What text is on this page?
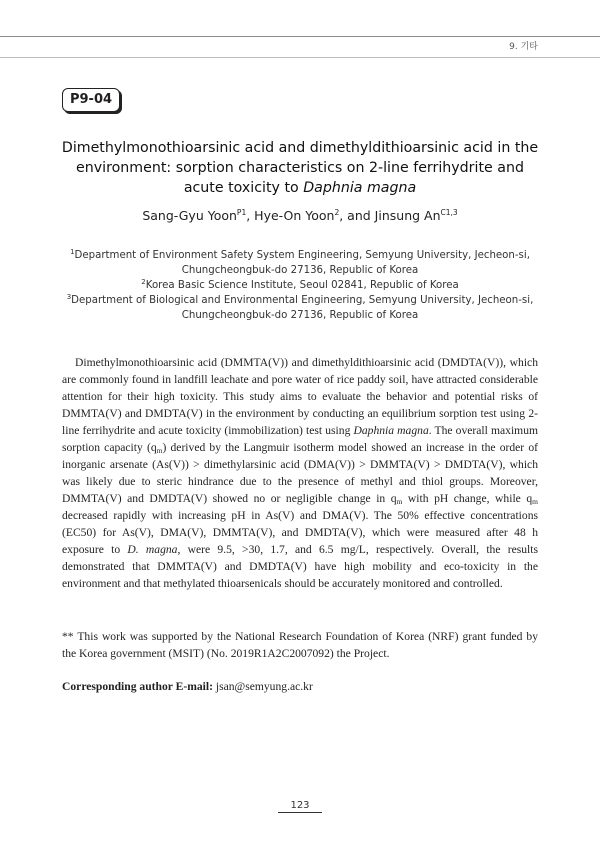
9. 기타
P9-04
Dimethylmonothioarsinic acid and dimethyldithioarsinic acid in the environment: sorption characteristics on 2-line ferrihydrite and acute toxicity to Daphnia magna
Sang-Gyu Yoon$^{P1}$, Hye-On Yoon$^2$, and Jinsung $An^{C1,3}$
$^1$Department of Environment Safety System Engineering, Semyung University, Jecheon-si, Chungcheongbuk-do 27136, Republic of Korea
$^2$Korea Basic Science Institute, Seoul 02841, Republic of Korea
$^3$Department of Biological and Environmental Engineering, Semyung University, Jecheon-si, Chungcheongbuk-do 27136, Republic of Korea
Dimethylmonothioarsinic acid (DMMTA(V)) and dimethyldithioarsinic acid (DMDTA(V)), which are commonly found in landfill leachate and pore water of rice paddy soil, have attracted considerable attention for their high toxicity. This study aims to evaluate the behavior and potential risks of DMMTA(V) and DMDTA(V) in the environment by conducting an equilibrium sorption test using 2-line ferrihydrite and acute toxicity (immobilization) test using Daphnia magna. The overall maximum sorption capacity $(q_m)$ derived by the Langmuir isotherm model showed an increase in the order of inorganic arsenate (As(V)) > dimethylarsinic acid (DMA(V)) > DMMTA(V) > DMDTA(V), which was likely due to steric hindrance due to the presence of methyl and thiol groups. Moreover, DMMTA(V) and DMDTA(V) showed no or negligible change in $q_m$ with pH change, while $q_m$ decreased rapidly with increasing pH in As(V) and DMA(V). The 50% effective concentrations (EC50) for As(V), DMA(V), DMMTA(V), and DMDTA(V), which were measured after 48 h exposure to D. magna, were 9.5, >30, 1.7, and 6.5 mg/L, respectively. Overall, the results demonstrated that DMMTA(V) and DMDTA(V) have high mobility and eco-toxicity in the environment and that methylated thioarsenicals should be accurately monitored and controlled.
** This work was supported by the National Research Foundation of Korea (NRF) grant funded by the Korea government (MSIT) (No. 2019R1A2C2007092) the Project.
Corresponding author E-mail: jsan@semyung.ac.kr
123
